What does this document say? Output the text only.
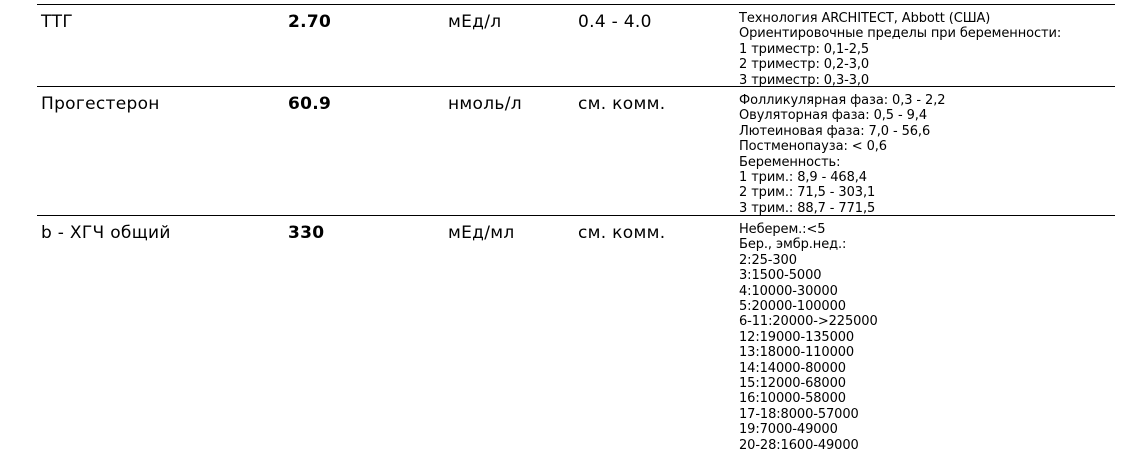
ТТГ	2.70	мЕд/л	0.4 - 4.0	Технология ARCHITECT, Abbott (США)
Ориентировочные пределы при беременности:
1 триместр: 0,1-2,5
2 триместр: 0,2-3,0
3 триместр: 0,3-3,0
Прогестерон	60.9	нмоль/л	см. комм.	Фолликулярная фаза: 0,3 - 2,2
Овуляторная фаза: 0,5 - 9,4
Лютеиновая фаза: 7,0 - 56,6
Постменопауза: < 0,6
Беременность:
1 трим.: 8,9 - 468,4
2 трим.: 71,5 - 303,1
3 трим.: 88,7 - 771,5
b - ХГЧ общий	330	мЕд/мл	см. комм.	Неберем.:<5
Бер., эмбр.нед.:
2:25-300
3:1500-5000
4:10000-30000
5:20000-100000
6-11:20000->225000
12:19000-135000
13:18000-110000
14:14000-80000
15:12000-68000
16:10000-58000
17-18:8000-57000
19:7000-49000
20-28:1600-49000
